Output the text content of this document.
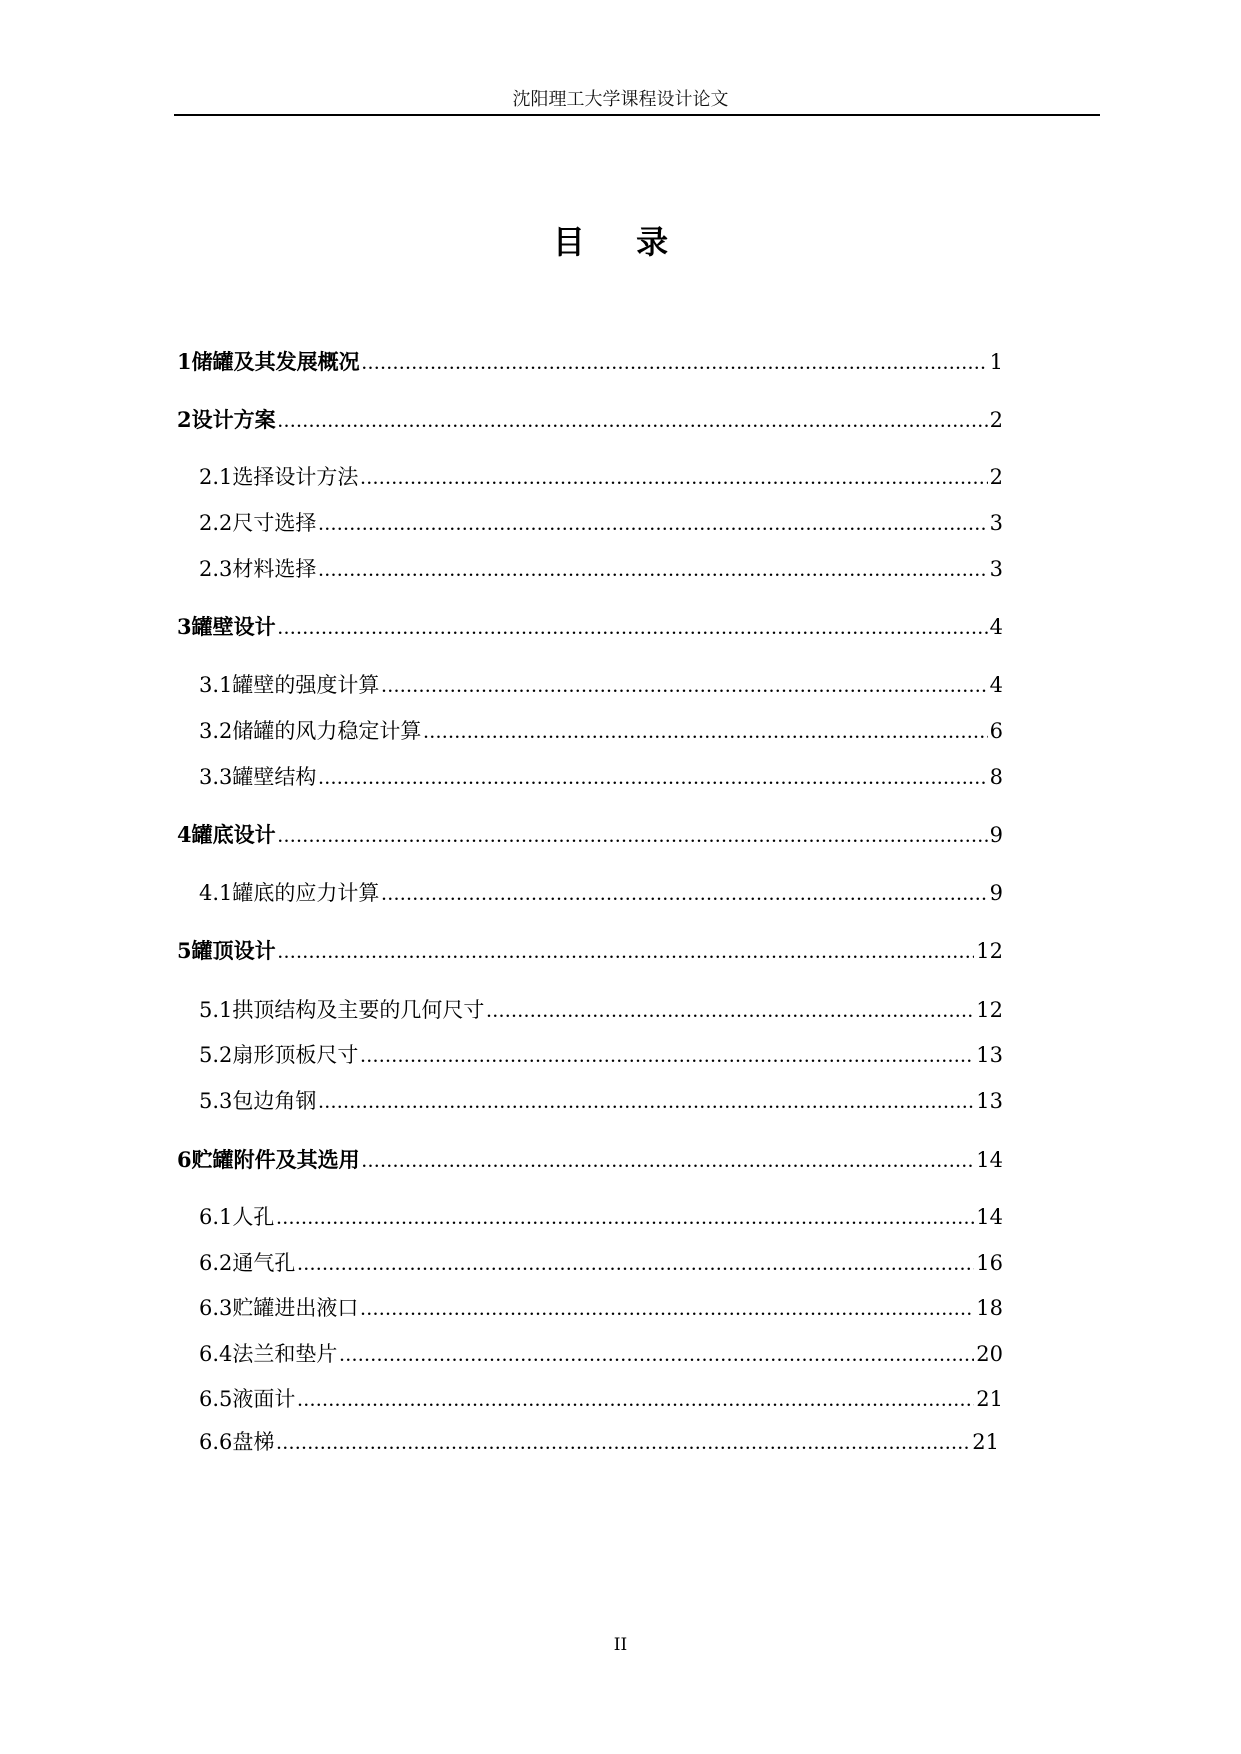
沈阳理工大学课程设计论文
目 录
1 储罐及其发展概况 .....	1
2 设计方案 .....	2
2.1 选择设计方法 .....	2
2.2 尺寸选择 .....	3
2.3 材料选择 .....	3
3 罐壁设计 .....	4
3.1 罐壁的强度计算 .....	4
3.2 储罐的风力稳定计算 .....	6
3.3 罐壁结构 .....	8
4 罐底设计 .....	9
4.1 罐底的应力计算 .....	9
5 罐顶设计 .....	12
5.1 拱顶结构及主要的几何尺寸 .....	12
5.2 扇形顶板尺寸 .....	13
5.3 包边角钢 .....	13
6 贮罐附件及其选用 .....	14
6.1 人孔 .....	14
6.2 通气孔 .....	16
6.3 贮罐进出液口 .....	18
6.4 法兰和垫片 .....	20
6.5 液面计 .....	21
6.6 盘梯 .....	21
II
